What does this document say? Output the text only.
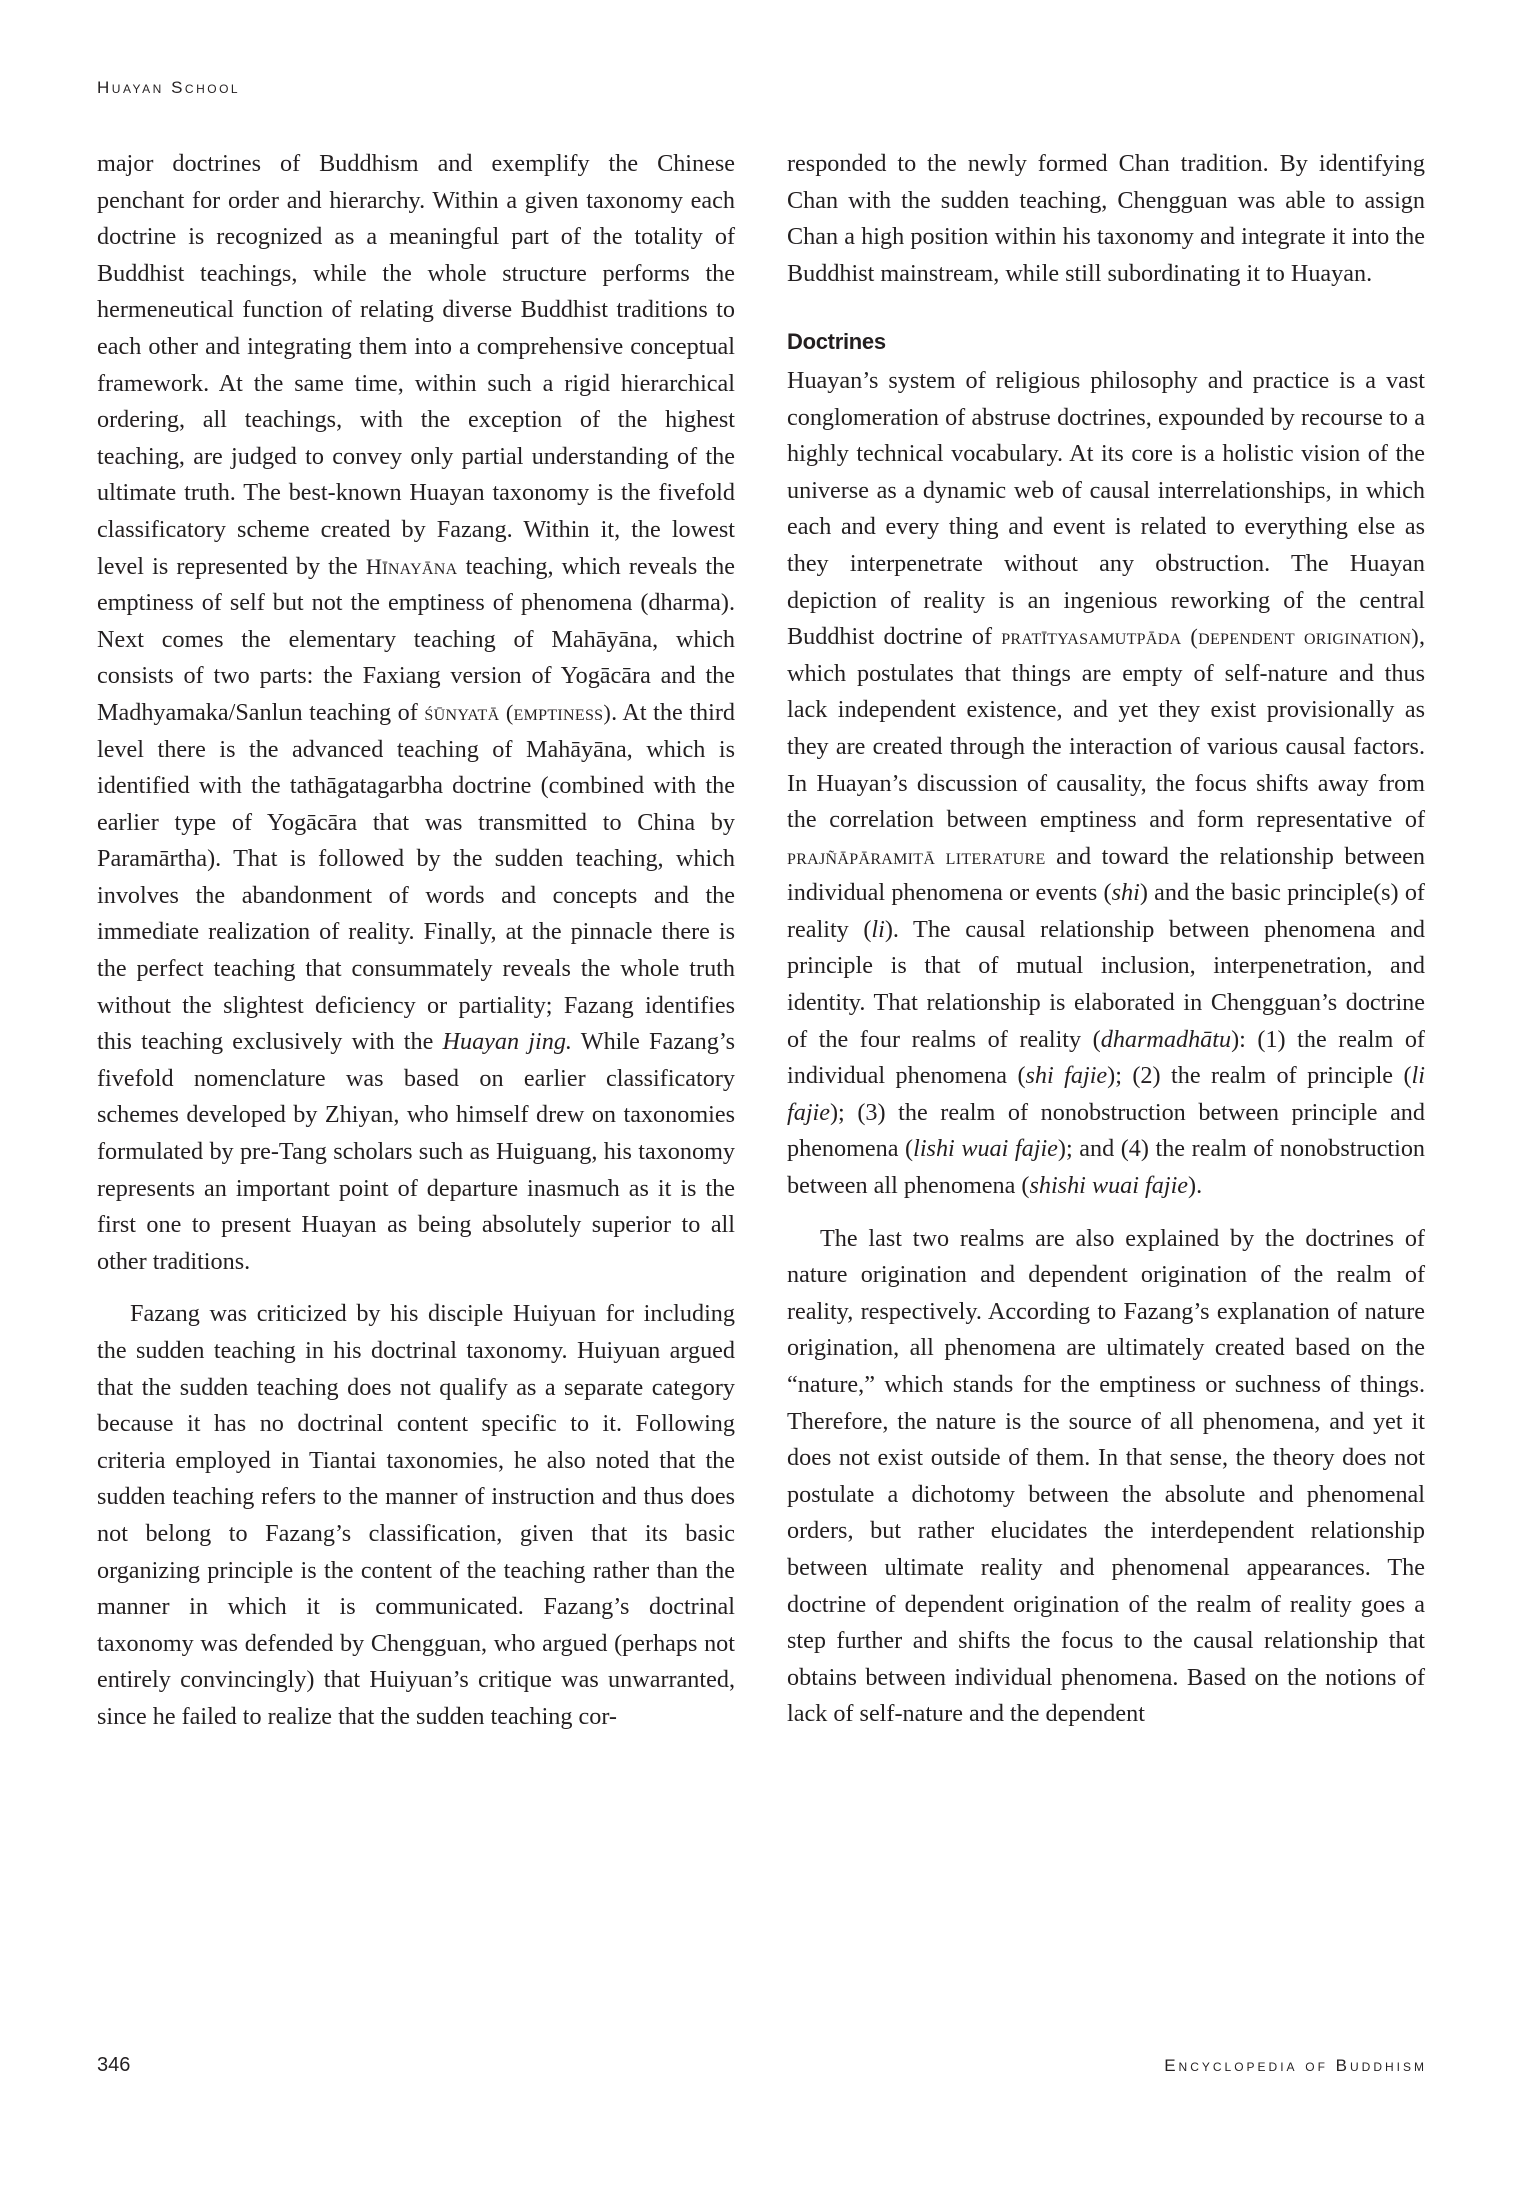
Huayan School

major doctrines of Buddhism and exemplify the Chinese penchant for order and hierarchy. Within a given taxonomy each doctrine is recognized as a meaningful part of the totality of Buddhist teachings, while the whole structure performs the hermeneutical function of relating diverse Buddhist traditions to each other and integrating them into a comprehensive conceptual framework. At the same time, within such a rigid hierarchical ordering, all teachings, with the exception of the highest teaching, are judged to convey only partial understanding of the ultimate truth. The best-known Huayan taxonomy is the fivefold classificatory scheme created by Fazang. Within it, the lowest level is represented by the Hīnayāna teaching, which reveals the emptiness of self but not the emptiness of phenomena (dharma). Next comes the elementary teaching of Mahāyāna, which consists of two parts: the Faxiang version of Yogācāra and the Madhyamaka/Sanlun teaching of śūnyatā (emptiness). At the third level there is the advanced teaching of Mahāyāna, which is identified with the tathāgatagarbha doctrine (combined with the earlier type of Yogācāra that was transmitted to China by Paramārtha). That is followed by the sudden teaching, which involves the abandonment of words and concepts and the immediate realization of reality. Finally, at the pinnacle there is the perfect teaching that consummately reveals the whole truth without the slightest deficiency or partiality; Fazang identifies this teaching exclusively with the Huayan jing. While Fazang’s fivefold nomenclature was based on earlier classificatory schemes developed by Zhiyan, who himself drew on taxonomies formulated by pre-Tang scholars such as Huiguang, his taxonomy represents an important point of departure inasmuch as it is the first one to present Huayan as being absolutely superior to all other traditions.

Fazang was criticized by his disciple Huiyuan for including the sudden teaching in his doctrinal taxonomy. Huiyuan argued that the sudden teaching does not qualify as a separate category because it has no doctrinal content specific to it. Following criteria employed in Tiantai taxonomies, he also noted that the sudden teaching refers to the manner of instruction and thus does not belong to Fazang’s classification, given that its basic organizing principle is the content of the teaching rather than the manner in which it is communicated. Fazang’s doctrinal taxonomy was defended by Chengguan, who argued (perhaps not entirely convincingly) that Huiyuan’s critique was unwarranted, since he failed to realize that the sudden teaching cor-

responded to the newly formed Chan tradition. By identifying Chan with the sudden teaching, Chengguan was able to assign Chan a high position within his taxonomy and integrate it into the Buddhist mainstream, while still subordinating it to Huayan.

Doctrines

Huayan’s system of religious philosophy and practice is a vast conglomeration of abstruse doctrines, expounded by recourse to a highly technical vocabulary. At its core is a holistic vision of the universe as a dynamic web of causal interrelationships, in which each and every thing and event is related to everything else as they interpenetrate without any obstruction. The Huayan depiction of reality is an ingenious reworking of the central Buddhist doctrine of pratītyasamutpāda (dependent origination), which postulates that things are empty of self-nature and thus lack independent existence, and yet they exist provisionally as they are created through the interaction of various causal factors. In Huayan’s discussion of causality, the focus shifts away from the correlation between emptiness and form representative of prajñāpāramitā literature and toward the relationship between individual phenomena or events (shi) and the basic principle(s) of reality (li). The causal relationship between phenomena and principle is that of mutual inclusion, interpenetration, and identity. That relationship is elaborated in Chengguan’s doctrine of the four realms of reality (dharmadhātu): (1) the realm of individual phenomena (shi fajie); (2) the realm of principle (li fajie); (3) the realm of nonobstruction between principle and phenomena (lishi wuai fajie); and (4) the realm of nonobstruction between all phenomena (shishi wuai fajie).

The last two realms are also explained by the doctrines of nature origination and dependent origination of the realm of reality, respectively. According to Fazang’s explanation of nature origination, all phenomena are ultimately created based on the “nature,” which stands for the emptiness or suchness of things. Therefore, the nature is the source of all phenomena, and yet it does not exist outside of them. In that sense, the theory does not postulate a dichotomy between the absolute and phenomenal orders, but rather elucidates the interdependent relationship between ultimate reality and phenomenal appearances. The doctrine of dependent origination of the realm of reality goes a step further and shifts the focus to the causal relationship that obtains between individual phenomena. Based on the notions of lack of self-nature and the dependent

346	Encyclopedia of Buddhism
